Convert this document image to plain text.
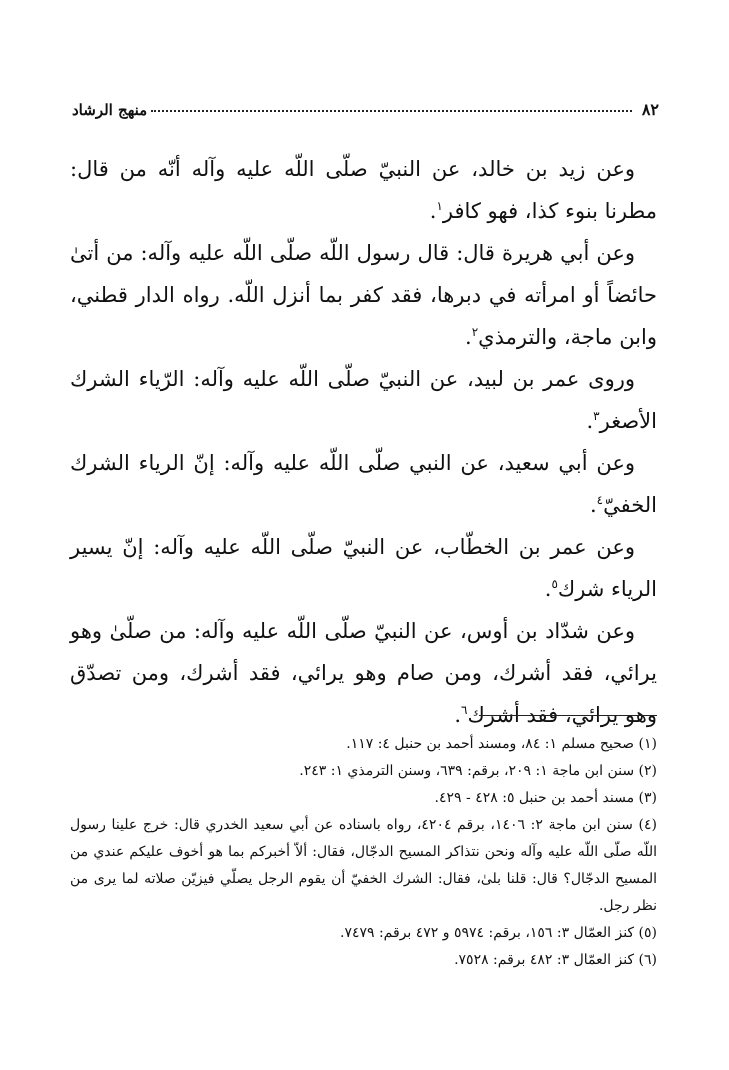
٨٢
منهج الرشاد

وعن زيد بن خالد، عن النبيّ صلّى اللّه عليه وآله أنّه من قال: مطرنا بنوء كذا، فهو كافر$^١$.

وعن أبي هريرة قال: قال رسول اللّه صلّى اللّه عليه وآله: من أتىٰ حائضاً أو امرأته في دبرها، فقد كفر بما أنزل اللّه. رواه الدار قطني، وابن ماجة، والترمذي$^٢$.

وروى عمر بن لبيد، عن النبيّ صلّى اللّه عليه وآله: الرّياء الشرك الأصغر$^٣$.

وعن أبي سعيد، عن النبي صلّى اللّه عليه وآله: إنّ الرياء الشرك الخفيّ$^٤$.

وعن عمر بن الخطّاب، عن النبيّ صلّى اللّه عليه وآله: إنّ يسير الرياء شرك$^٥$.

وعن شدّاد بن أوس، عن النبيّ صلّى اللّه عليه وآله: من صلّىٰ وهو يرائي، فقد أشرك، ومن صام وهو يرائي، فقد أشرك، ومن تصدّق وهو يرائي، فقد أشرك$^٦$.

(١) صحيح مسلم ١: ٨٤، ومسند أحمد بن حنبل ٤: ١١٧.

(٢) سنن ابن ماجة ١: ٢٠٩، برقم: ٦٣٩، وسنن الترمذي ١: ٢٤٣.

(٣) مسند أحمد بن حنبل ٥: ٤٢٨ - ٤٢٩.

(٤) سنن ابن ماجة ٢: ١٤٠٦، برقم ٤٢٠٤، رواه باسناده عن أبي سعيد الخدري قال: خرج علينا رسول اللّه صلّى اللّه عليه وآله ونحن نتذاكر المسيح الدجّال، فقال: ألاّ أخبركم بما هو أخوف عليكم عندي من المسيح الدجّال؟ قال: قلنا بلىٰ، فقال: الشرك الخفيّ أن يقوم الرجل يصلّي فيزيّن صلاته لما يرى من نظر رجل.

(٥) كنز العمّال ٣: ١٥٦، برقم: ٥٩٧٤ و ٤٧٢ برقم: ٧٤٧٩.

(٦) كنز العمّال ٣: ٤٨٢ برقم: ٧٥٢٨.
